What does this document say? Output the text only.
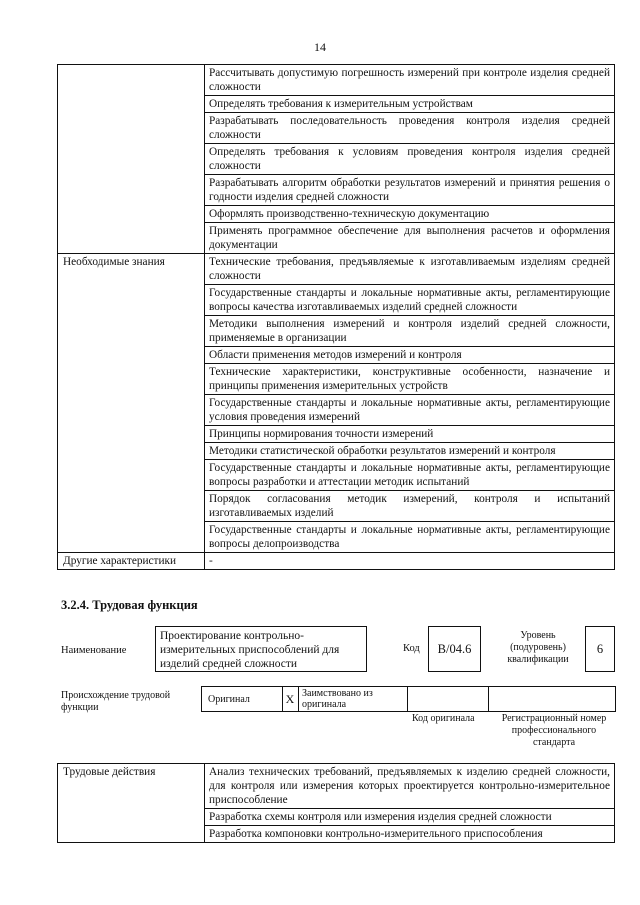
14
	Рассчитывать допустимую погрешность измерений при контроле изделия средней сложности
	Определять требования к измерительным устройствам
	Разрабатывать последовательность проведения контроля изделия средней сложности
	Определять требования к условиям проведения контроля изделия средней сложности
	Разрабатывать алгоритм обработки результатов измерений и принятия решения о годности изделия средней сложности
	Оформлять производственно-техническую документацию
	Применять программное обеспечение для выполнения расчетов и оформления документации
Необходимые знания	Технические требования, предъявляемые к изготавливаемым изделиям средней сложности
	Государственные стандарты и локальные нормативные акты, регламентирующие вопросы качества изготавливаемых изделий средней сложности
	Методики выполнения измерений и контроля изделий средней сложности, применяемые в организации
	Области применения методов измерений и контроля
	Технические характеристики, конструктивные особенности, назначение и принципы применения измерительных устройств
	Государственные стандарты и локальные нормативные акты, регламентирующие условия проведения измерений
	Принципы нормирования точности измерений
	Методики статистической обработки результатов измерений и контроля
	Государственные стандарты и локальные нормативные акты, регламентирующие вопросы разработки и аттестации методик испытаний
	Порядок согласования методик измерений, контроля и испытаний изготавливаемых изделий
	Государственные стандарты и локальные нормативные акты, регламентирующие вопросы делопроизводства
Другие характеристики	-
3.2.4. Трудовая функция
Наименование
Проектирование контрольно-измерительных приспособлений для изделий средней сложности
Код	B/04.6
Уровень (подуровень) квалификации
6
Происхождение трудовой функции
Оригинал	X Заимствовано из оригинала
Код оригинала	Регистрационный номер профессионального стандарта
Трудовые действия	Анализ технических требований, предъявляемых к изделию средней сложности, для контроля или измерения которых проектируется контрольно-измерительное приспособление
Разработка схемы контроля или измерения изделия средней сложности
Разработка компоновки контрольно-измерительного приспособления
